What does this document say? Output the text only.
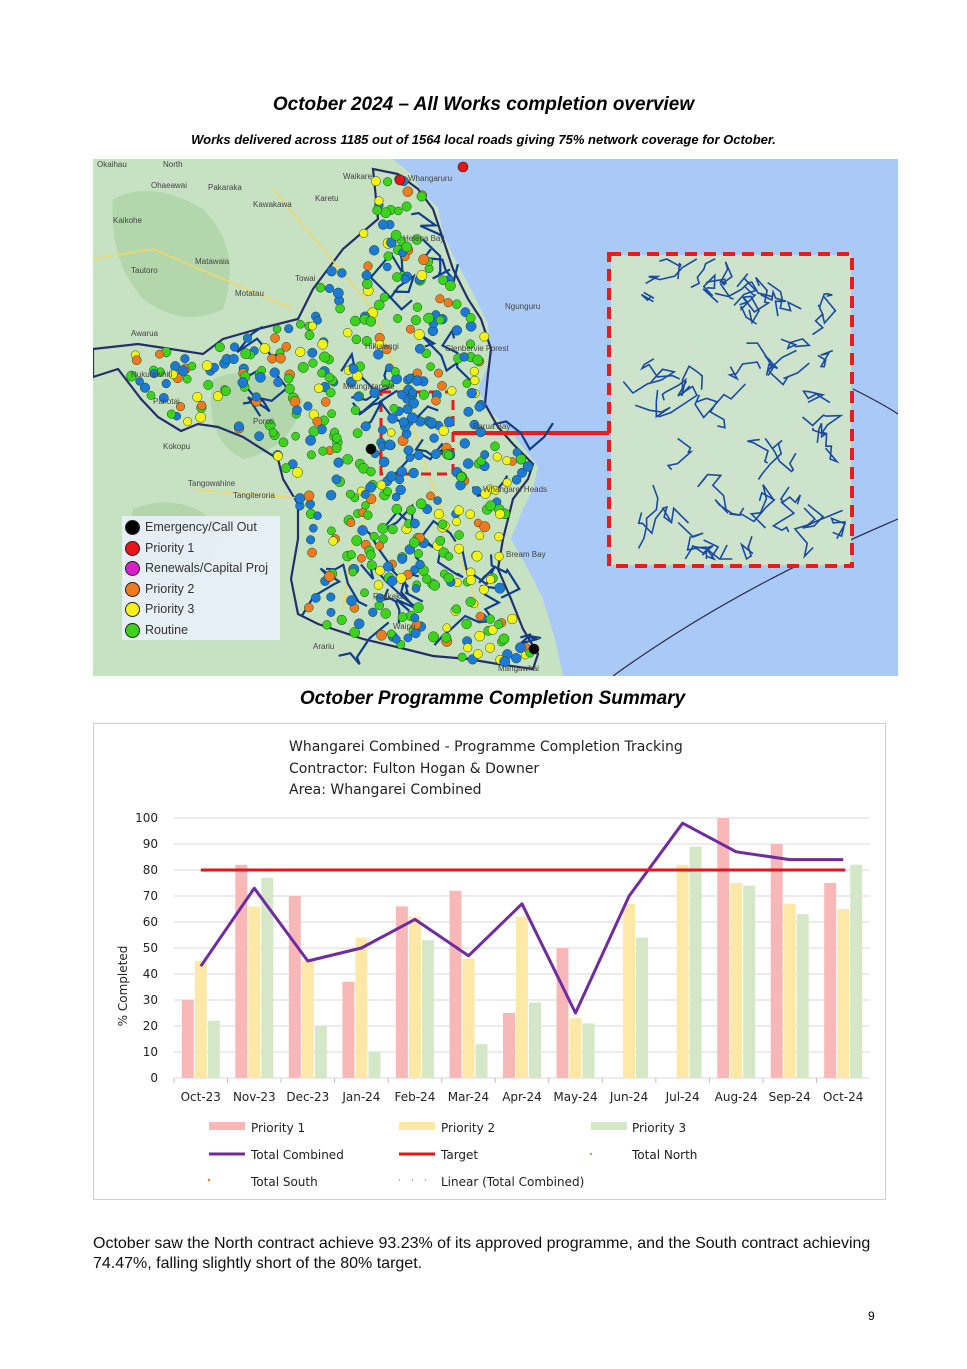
October 2024 – All Works completion overview
Works delivered across 1185 out of 1564 local roads giving 75% network coverage for October.
Okaihau	North
Ohaeawai	Pakaraka
Kaikohe
Kawakawa
Karetu
Waikare	Whangaruru
Tautoro
Matawaia
Towai
Motatau
Awarua
Nukutawhiti
Pakotai
Hikurangi	Glenbervie Forest
Tangowahine
Tangiteroria
Whangarei Heads
Arariu
Mangawhai
Bream Bay
Helena Bay
Ngunguru
Maungatapere
Poroti
Kokopu
Parua Bay
Ruakaka
Waipu
Emergency/Call Out
Priority 1
Renewals/Capital Proj
Priority 2
Priority 3
Routine
October Programme Completion Summary
Whangarei Combined - Programme Completion Tracking
Contractor: Fulton Hogan & Downer
Area: Whangarei Combined
% Completed
0
10
20
30
40
50
60
70
80
90
100
Oct-23 Nov-23 Dec-23 Jan-24 Feb-24 Mar-24 Apr-24 May-24 Jun-24 Jul-24 Aug-24 Sep-24 Oct-24
Priority 1	Priority 2	Priority 3
Total Combined	Target	Total North
Total South	Linear (Total Combined)
October saw the North contract achieve 93.23% of its approved programme, and the South contract achieving 74.47%, falling slightly short of the 80% target.
9
